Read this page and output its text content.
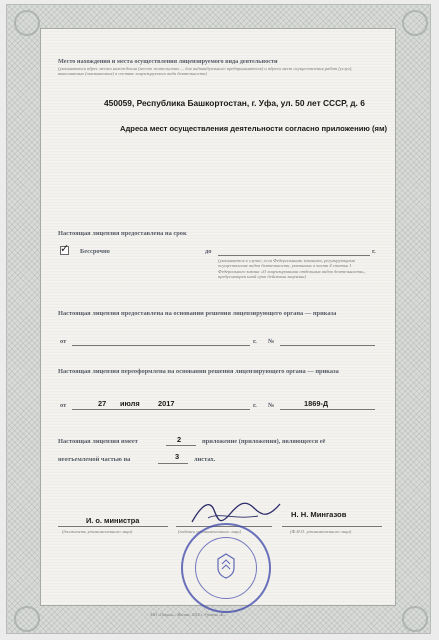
Место нахождения и места осуществления лицензируемого вида деятельности
(указываются адрес места нахождения (место жительства — для индивидуального предпринимателя) и адреса мест осуществления работ (услуг), выполняемых (оказываемых) в составе лицензируемого вида деятельности)
450059, Республика Башкортостан, г. Уфа, ул. 50 лет СССР, д. 6
Адреса мест осуществления деятельности согласно приложению (ям)
Настоящая лицензия предоставлена на срок
✓ Бессрочно	до	г.
(указывается в случае, если Федеральными законами, регулирующими осуществление видов деятельности, указанных в части 4 статьи 1 Федерального закона «О лицензировании отдельных видов деятельности», предусмотрен иной срок действия лицензии)
Настоящая лицензия предоставлена на основании решения лицензирующего органа — приказа
от	г. №
Настоящая лицензия переоформлена на основании решения лицензирующего органа — приказа
от	27 июля 2017	г. №	1869-Д
Настоящая лицензия имеет	2	приложение (приложения), являющееся её
неотъемлемой частью на	3 листах.
И. о. министра
(должность уполномоченного лица)	(подпись уполномоченного лица)
Н. Н. Мингазов
(Ф.И.О. уполномоченного лица)
ЗАО «Опцион», Москва, 2016 г. Уровень «Б»
